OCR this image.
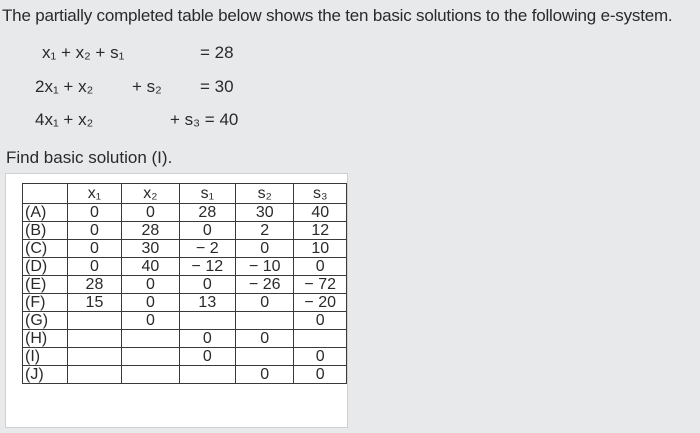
The partially completed table below shows the ten basic solutions to the following e-system.
x₁ + x₂ + s₁	= 28
2x₁ + x₂ + s₂ = 30
4x₁ + x₂	+ s₃ = 40
Find basic solution (I).
	x₁	x₂	s₁	s₂	s₃
(A)	0	0	28	30	40
(B)	0	28	0	2	12
(C)	0	30	− 2	0	10
(D)	0	40	− 12	− 10	0
(E)	28	0	0	− 26	− 72
(F)	15	0	13	0	− 20
(G)		0			0
(H)			0	0	
(I)			0		0
(J)				0	0
